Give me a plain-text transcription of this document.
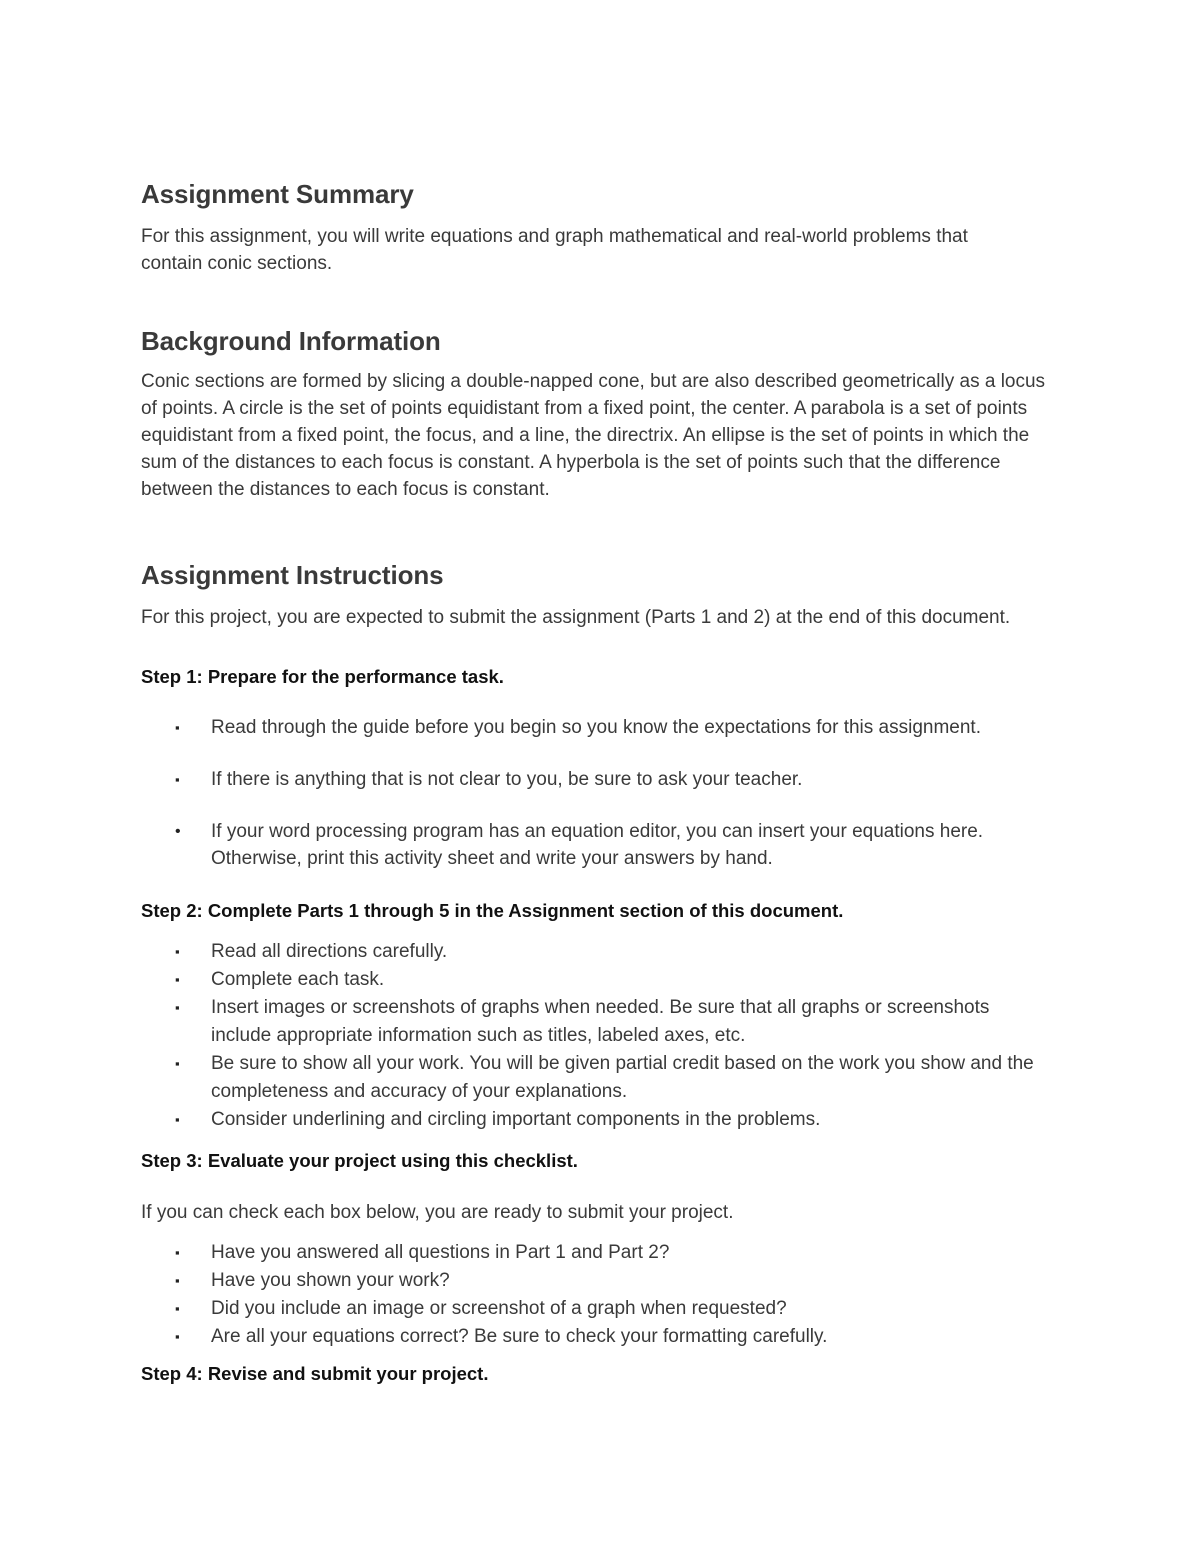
Assignment Summary

For this assignment, you will write equations and graph mathematical and real-world problems that contain conic sections.

Background Information

Conic sections are formed by slicing a double-napped cone, but are also described geometrically as a locus of points. A circle is the set of points equidistant from a fixed point, the center. A parabola is a set of points equidistant from a fixed point, the focus, and a line, the directrix. An ellipse is the set of points in which the sum of the distances to each focus is constant. A hyperbola is the set of points such that the difference between the distances to each focus is constant.

Assignment Instructions

For this project, you are expected to submit the assignment (Parts 1 and 2) at the end of this document.

Step 1: Prepare for the performance task.

▪	Read through the guide before you begin so you know the expectations for this assignment.
▪	If there is anything that is not clear to you, be sure to ask your teacher.
•	If your word processing program has an equation editor, you can insert your equations here. Otherwise, print this activity sheet and write your answers by hand.

Step 2: Complete Parts 1 through 5 in the Assignment section of this document.

▪	Read all directions carefully.
▪	Complete each task.
▪	Insert images or screenshots of graphs when needed. Be sure that all graphs or screenshots include appropriate information such as titles, labeled axes, etc.
▪	Be sure to show all your work. You will be given partial credit based on the work you show and the completeness and accuracy of your explanations.
▪	Consider underlining and circling important components in the problems.

Step 3: Evaluate your project using this checklist.

If you can check each box below, you are ready to submit your project.

▪	Have you answered all questions in Part 1 and Part 2?
▪	Have you shown your work?
▪	Did you include an image or screenshot of a graph when requested?
▪	Are all your equations correct? Be sure to check your formatting carefully.

Step 4: Revise and submit your project.
